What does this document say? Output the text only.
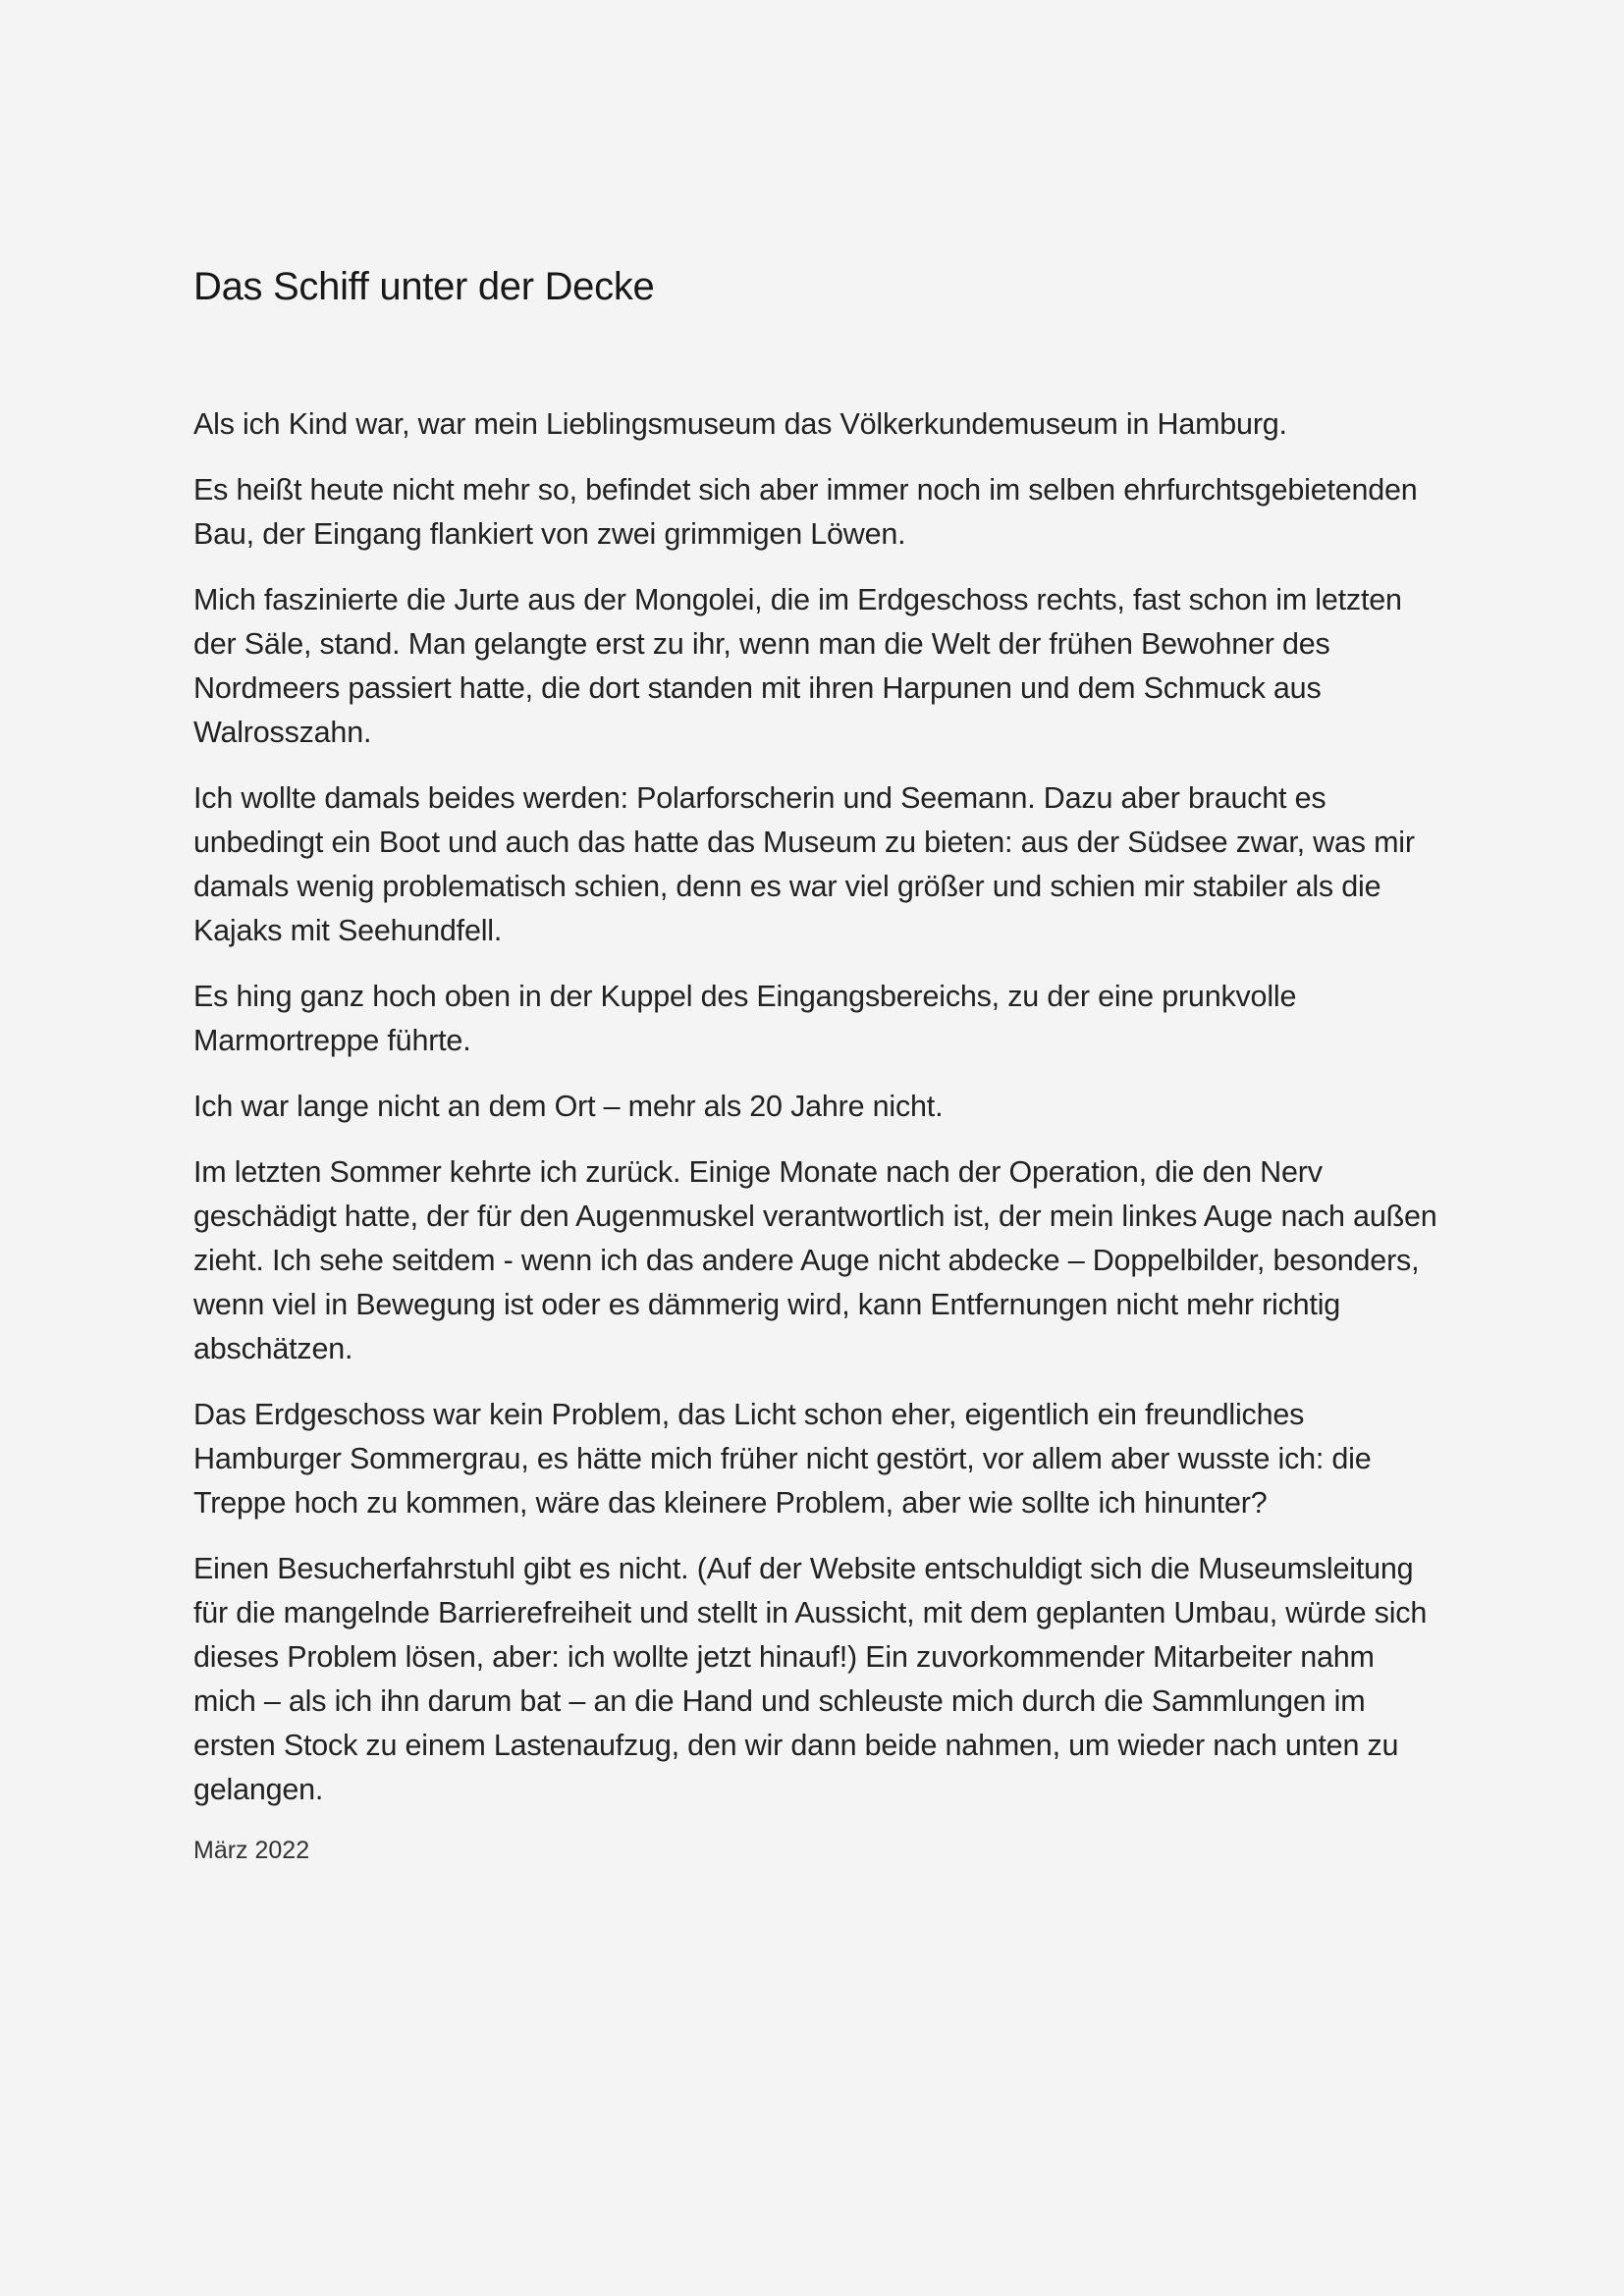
Das Schiff unter der Decke

Als ich Kind war, war mein Lieblingsmuseum das Völkerkundemuseum in Hamburg.

Es heißt heute nicht mehr so, befindet sich aber immer noch im selben ehrfurchtsgebietenden Bau, der Eingang flankiert von zwei grimmigen Löwen.

Mich faszinierte die Jurte aus der Mongolei, die im Erdgeschoss rechts, fast schon im letzten der Säle, stand. Man gelangte erst zu ihr, wenn man die Welt der frühen Bewohner des Nordmeers passiert hatte, die dort standen mit ihren Harpunen und dem Schmuck aus Walrosszahn.

Ich wollte damals beides werden: Polarforscherin und Seemann. Dazu aber braucht es unbedingt ein Boot und auch das hatte das Museum zu bieten: aus der Südsee zwar, was mir damals wenig problematisch schien, denn es war viel größer und schien mir stabiler als die Kajaks mit Seehundfell.

Es hing ganz hoch oben in der Kuppel des Eingangsbereichs, zu der eine prunkvolle Marmortreppe führte.

Ich war lange nicht an dem Ort – mehr als 20 Jahre nicht.

Im letzten Sommer kehrte ich zurück. Einige Monate nach der Operation, die den Nerv geschädigt hatte, der für den Augenmuskel verantwortlich ist, der mein linkes Auge nach außen zieht. Ich sehe seitdem - wenn ich das andere Auge nicht abdecke – Doppelbilder, besonders, wenn viel in Bewegung ist oder es dämmerig wird, kann Entfernungen nicht mehr richtig abschätzen.

Das Erdgeschoss war kein Problem, das Licht schon eher, eigentlich ein freundliches Hamburger Sommergrau, es hätte mich früher nicht gestört, vor allem aber wusste ich: die Treppe hoch zu kommen, wäre das kleinere Problem, aber wie sollte ich hinunter?

Einen Besucherfahrstuhl gibt es nicht. (Auf der Website entschuldigt sich die Museumsleitung für die mangelnde Barrierefreiheit und stellt in Aussicht, mit dem geplanten Umbau, würde sich dieses Problem lösen, aber: ich wollte jetzt hinauf!) Ein zuvorkommender Mitarbeiter nahm mich – als ich ihn darum bat – an die Hand und schleuste mich durch die Sammlungen im ersten Stock zu einem Lastenaufzug, den wir dann beide nahmen, um wieder nach unten zu gelangen.

März 2022
